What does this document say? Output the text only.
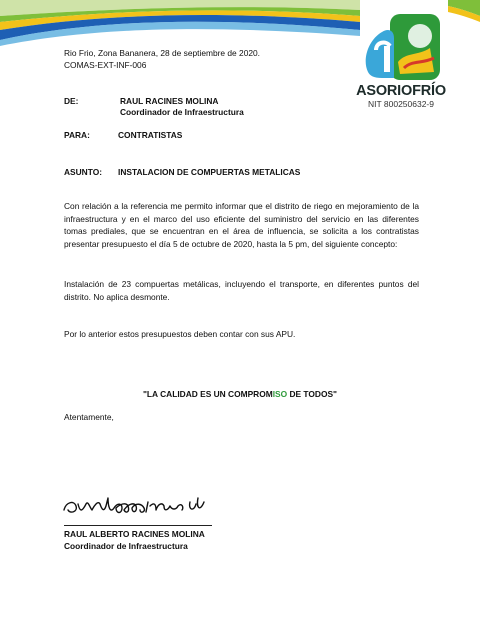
ASORIOFRÍO
NIT 800250632-9
Rio Frio, Zona Bananera, 28 de septiembre de 2020.
COMAS-EXT-INF-006
DE:	RAUL RACINES MOLINA
Coordinador de Infraestructura
PARA:	CONTRATISTAS
ASUNTO: INSTALACION DE COMPUERTAS METALICAS
Con relación a la referencia me permito informar que el distrito de riego en mejoramiento de la infraestructura y en el marco del uso eficiente del suministro del servicio en las diferentes tomas prediales, que se encuentran en el área de influencia, se solicita a los contratistas presentar presupuesto el día 5 de octubre de 2020, hasta la 5 pm, del siguiente concepto:
Instalación de 23 compuertas metálicas, incluyendo el transporte, en diferentes puntos del distrito. No aplica desmonte.
Por lo anterior estos presupuestos deben contar con sus APU.
"LA CALIDAD ES UN COMPROMISO DE TODOS"
Atentamente,
RAUL ALBERTO RACINES MOLINA
Coordinador de Infraestructura
